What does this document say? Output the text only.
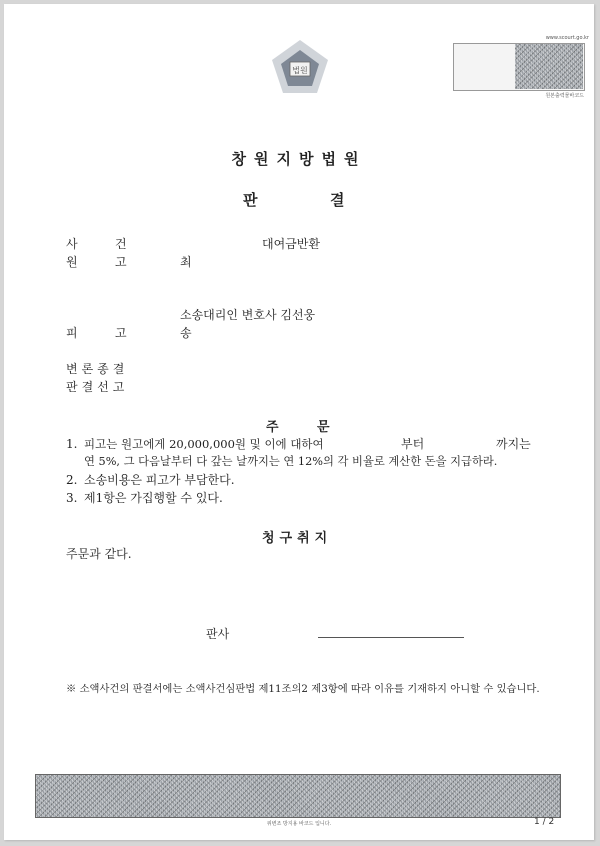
법원
www.scourt.go.kr
원본출력물바코드
창원지방법원
판	결
사	건	대여금반환
원	고	최
소송대리인 변호사 김선웅
피	고	송
변론종결
판결선고
주	문
1. 피고는 원고에게 20,000,000원 및 이에 대하여	부터	까지는
연 5%, 그 다음날부터 다 갚는 날까지는 연 12%의 각 비율로 계산한 돈을 지급하라.
2. 소송비용은 피고가 부담한다.
3. 제1항은 가집행할 수 있다.
청구취지
주문과 같다.
판사
※ 소액사건의 판결서에는 소액사건심판법 제11조의2 제3항에 따라 이유를 기재하지 아니할 수 있습니다.
위변조 방지용 바코드 입니다.	1 / 2
